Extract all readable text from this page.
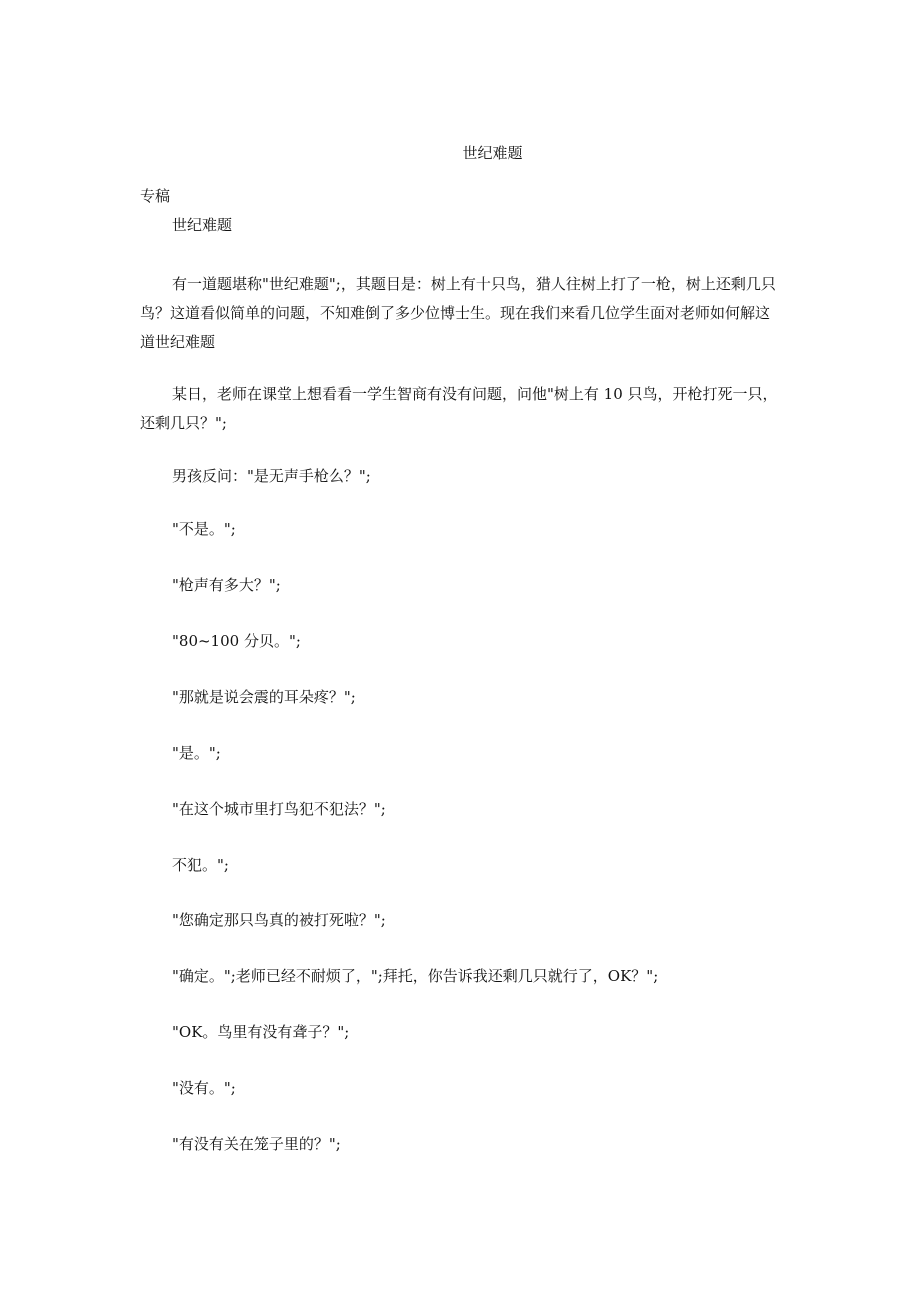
世纪难题
专稿

世纪难题

有一道题堪称"世纪难题";，其题目是：树上有十只鸟，猎人往树上打了一枪，树上还剩几只鸟？这道看似简单的问题，不知难倒了多少位博士生。现在我们来看几位学生面对老师如何解这道世纪难题

某日，老师在课堂上想看看一学生智商有没有问题，问他"树上有 10 只鸟，开枪打死一只，还剩几只？";

男孩反问："是无声手枪么？";

"不是。";

"枪声有多大？";

"80~100 分贝。";

"那就是说会震的耳朵疼？";

"是。";

"在这个城市里打鸟犯不犯法？";

不犯。";

"您确定那只鸟真的被打死啦？";

"确定。";老师已经不耐烦了，";拜托，你告诉我还剩几只就行了，OK？";

"OK。鸟里有没有聋子？";

"没有。";

"有没有关在笼子里的？";
